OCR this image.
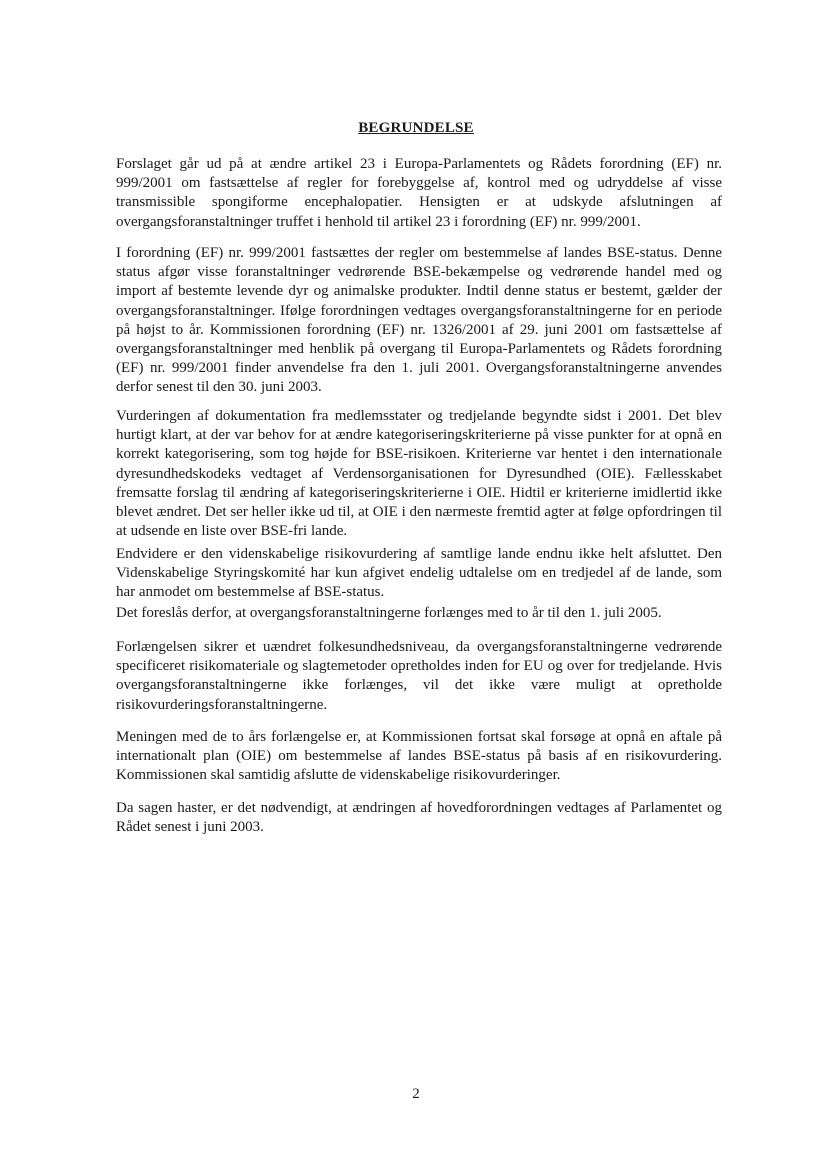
BEGRUNDELSE

Forslaget går ud på at ændre artikel 23 i Europa-Parlamentets og Rådets forordning (EF) nr. 999/2001 om fastsættelse af regler for forebyggelse af, kontrol med og udryddelse af visse transmissible spongiforme encephalopatier. Hensigten er at udskyde afslutningen af overgangsforanstaltninger truffet i henhold til artikel 23 i forordning (EF) nr. 999/2001.

I forordning (EF) nr. 999/2001 fastsættes der regler om bestemmelse af landes BSE-status. Denne status afgør visse foranstaltninger vedrørende BSE-bekæmpelse og vedrørende handel med og import af bestemte levende dyr og animalske produkter. Indtil denne status er bestemt, gælder der overgangsforanstaltninger. Ifølge forordningen vedtages overgangsforanstaltningerne for en periode på højst to år. Kommissionen forordning (EF) nr. 1326/2001 af 29. juni 2001 om fastsættelse af overgangsforanstaltninger med henblik på overgang til Europa-Parlamentets og Rådets forordning (EF) nr. 999/2001 finder anvendelse fra den 1. juli 2001. Overgangsforanstaltningerne anvendes derfor senest til den 30. juni 2003.

Vurderingen af dokumentation fra medlemsstater og tredjelande begyndte sidst i 2001. Det blev hurtigt klart, at der var behov for at ændre kategoriseringskriterierne på visse punkter for at opnå en korrekt kategorisering, som tog højde for BSE-risikoen. Kriterierne var hentet i den internationale dyresundhedskodeks vedtaget af Verdensorganisationen for Dyresundhed (OIE). Fællesskabet fremsatte forslag til ændring af kategoriseringskriterierne i OIE. Hidtil er kriterierne imidlertid ikke blevet ændret. Det ser heller ikke ud til, at OIE i den nærmeste fremtid agter at følge opfordringen til at udsende en liste over BSE-fri lande.

Endvidere er den videnskabelige risikovurdering af samtlige lande endnu ikke helt afsluttet. Den Videnskabelige Styringskomité har kun afgivet endelig udtalelse om en tredjedel af de lande, som har anmodet om bestemmelse af BSE-status.

Det foreslås derfor, at overgangsforanstaltningerne forlænges med to år til den 1. juli 2005.

Forlængelsen sikrer et uændret folkesundhedsniveau, da overgangsforanstaltningerne vedrørende specificeret risikomateriale og slagtemetoder opretholdes inden for EU og over for tredjelande. Hvis overgangsforanstaltningerne ikke forlænges, vil det ikke være muligt at opretholde risikovurderingsforanstaltningerne.

Meningen med de to års forlængelse er, at Kommissionen fortsat skal forsøge at opnå en aftale på internationalt plan (OIE) om bestemmelse af landes BSE-status på basis af en risikovurdering. Kommissionen skal samtidig afslutte de videnskabelige risikovurderinger.

Da sagen haster, er det nødvendigt, at ændringen af hovedforordningen vedtages af Parlamentet og Rådet senest i juni 2003.

2
